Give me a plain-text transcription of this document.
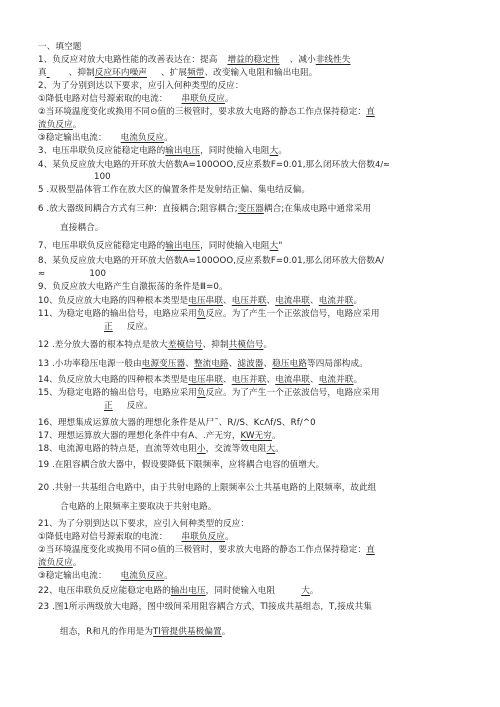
一、填空题
1、负反应对放大电路性能的改善表达在：提高 增益的稳定性 、减小非线性失
真	、抑制反应环内噪声 、扩展频带、改变输入电阻和输出电阻。
2、为了分别到达以下要求，应引入何种类型的反应：
①降低电路对信号源索取的电流： 串联负反应。
②当环境温度变化或换用不同⊙值的三极管时，要求放大电路的静态工作点保持稳定：直
流负反应。
③稳定输出电流： 电流负反应。
3、电压串联负反应能稳定电路的输出电压，同时使输入电阻大。
4、某负反应放大电路的开环放大倍数A=100OOO,反应系数F=0.01,那么闭环放大倍数4/≈
100
5 .双极型晶体管工作在放大区的偏置条件是发射结正偏、集电结反偏。
6 .放大器级间耦合方式有三种：直接耦合;阻容耦合;变压器耦合;在集成电路中通常采用
直接耦合。
7、电压串联负反应能稳定电路的输出电压，同时使输入电阻大"
8、某负反应放大电路的开环放大倍数A=100OOO,反应系数F=0.01,那么闭环放大倍数A/
≈	100
9、负反应放大电路产生自激振荡的条件是Ⅲ=0。
10、负反应放大电路的四种根本类型是电压串联、电压并联、电流串联、电流并联。
11、为稳定电路的输出信号，电路应采用负反应。为了产生一个正弦波信号，电路应采用
正 反应。
12 .差分放大器的根本特点是放大差模信号、抑制共模信号。
13 .小功率稳压电源一般由电源变压器、整流电路、滤波器、稳压电路等四局部构成。
14、负反应放大电路的四种根本类型是电压串联、电压并联、电流串联、电流并联。
15、为稳定电路的输出信号，电路应采用负反应。为了产生一个正弦波信号，电路应采用
正 反应。
16、理想集成运算放大器的理想化条件是从尸ˉ、R/∕S、KcΛf∕S、Rf∕^0
17、理想运算放大器的理想化条件中有A、.产无穷，KW无穷。
18、电流源电路的特点是，直流等效电阻小，交流等效电阻大。
19 .在阻容耦合放大器中，假设要降低下限频率，应将耦合电容的值增大。
20 .共射一共基组合电路中，由于共射电路的上限频率公土共基电路的上限频率，故此组
合电路的上限频率主要取决于共射电路。
21、为了分别到达以下要求，应引入何种类型的反应：
①降低电路对信号源索取的电流： 串联负反应。
②当环境温度变化或换用不同⊙值的三极管时，要求放大电路的静态工作点保持稳定：直
流负反应。
③稳定输出电流： 电流负反应。
22、电压串联负反应能稳定电路的输出电压，同时使输入电阻	大。
23 .图1所示两级放大电路，图中级间采用阻容耦合方式，Tl接成共基组态，T,接成共集
组态，R和凡的作用是为Tl管提供基极偏置。
